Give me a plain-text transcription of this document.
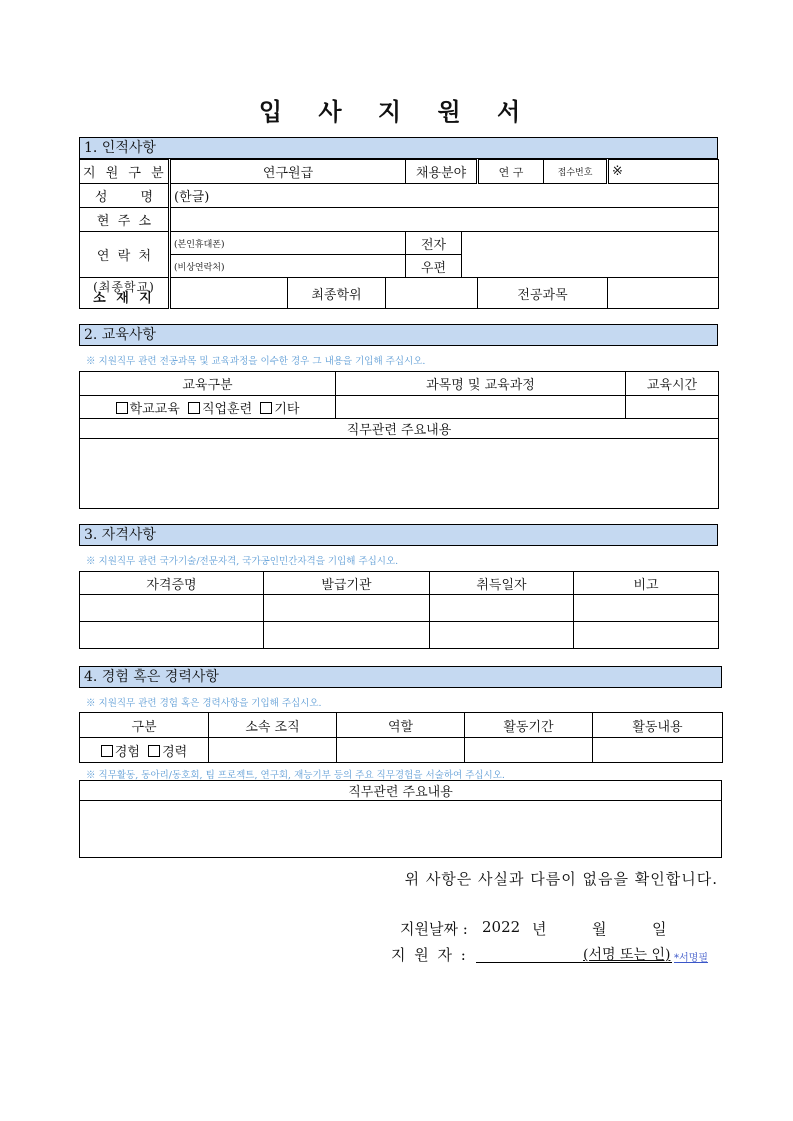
입 사 지 원 서
1. 인적사항
지 원 구 분	연구원급			채용분야		연 구	접수번호	※
성        명	(한글)							
현  주  소								
연  락  처	(본인휴대폰)			전자				
	(비상연락처)			우편				

(최종학교)
소 재 지		최종학위				전공과목		
2. 교육사항
※ 지원직무 관련 전공과목 및 교육과정을 이수한 경우 그 내용을 기입해 주십시오.
교육구분	과목명 및 교육과정	교육시간
학교교육 직업훈련 기타		
직무관련 주요내용		

3. 자격사항
※ 지원직무 관련 국가기술/전문자격, 국가공인민간자격을 기입해 주십시오.
자격증명	발급기관	취득일자	비고

4. 경험 혹은 경력사항
※ 지원직무 관련 경험 혹은 경력사항을 기입해 주십시오.
구분	소속 조직	역할	활동기간	활동내용
경험 경력				
※ 직무활동, 동아리/동호회, 팀 프로젝트, 연구회, 재능기부 등의 주요 직무경험을 서술하여 주십시오.
직무관련 주요내용

위 사항은 사실과 다름이 없음을 확인합니다.
지원날짜 : 2022 년	월	일
지 원 자 :	(서명 또는 인) *서명필
